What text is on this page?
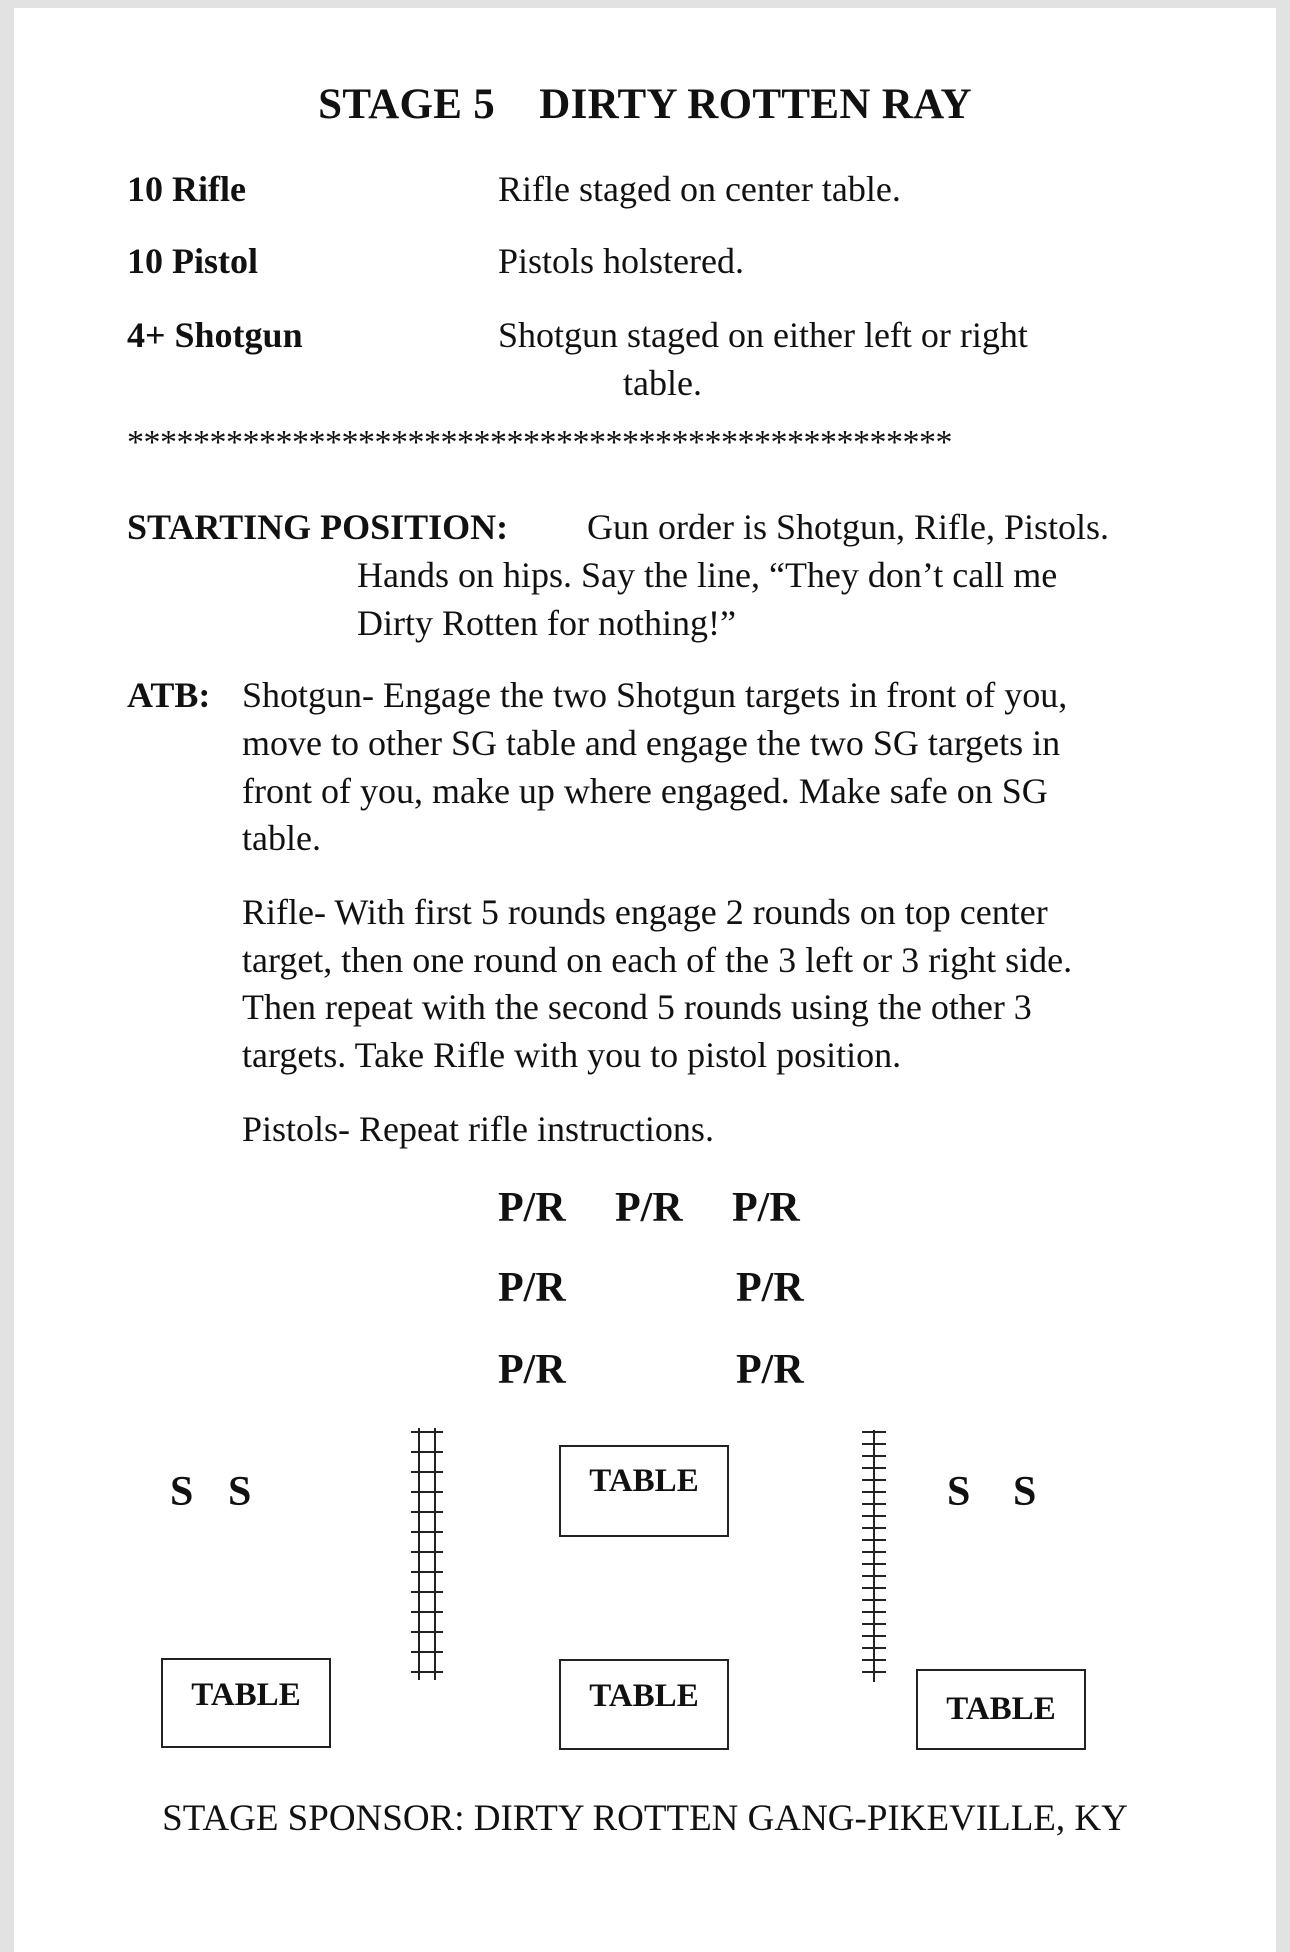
STAGE 5    DIRTY ROTTEN RAY
10 Rifle	Rifle staged on center table.
10 Pistol	Pistols holstered.
4+ Shotgun	Shotgun staged on either left or right
table.
**************************************************
STARTING POSITION: Gun order is Shotgun, Rifle, Pistols.
Hands on hips. Say the line, “They don’t call me
Dirty Rotten for nothing!”
ATB: Shotgun- Engage the two Shotgun targets in front of you,
move to other SG table and engage the two SG targets in
front of you, make up where engaged. Make safe on SG
table.
Rifle- With first 5 rounds engage 2 rounds on top center
target, then one round on each of the 3 left or 3 right side.
Then repeat with the second 5 rounds using the other 3
targets. Take Rifle with you to pistol position.
Pistols- Repeat rifle instructions.
P/R P/R P/R
P/R	P/R
P/R	P/R
S S	S S
TABLE
TABLE	TABLE	TABLE
STAGE SPONSOR: DIRTY ROTTEN GANG-PIKEVILLE, KY
